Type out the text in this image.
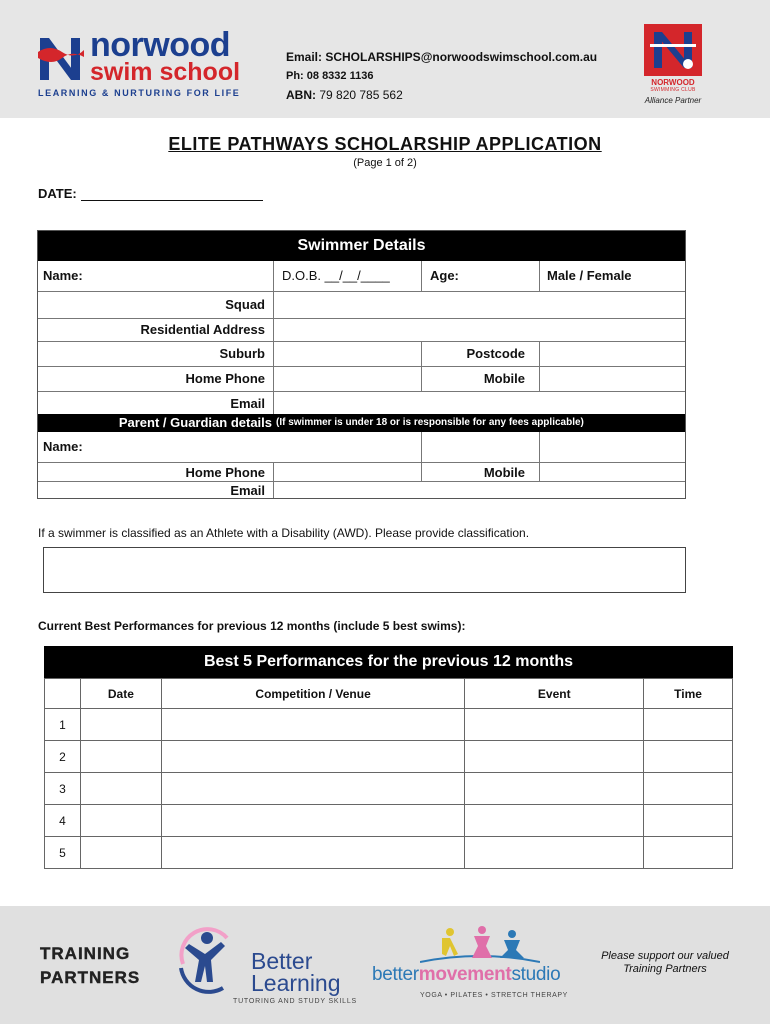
norwood
swim school
LEARNING & NURTURING FOR LIFE
Email: SCHOLARSHIPS@norwoodswimschool.com.au
Ph: 08 8332 1136
ABN: 79 820 785 562
NORWOOD
SWIMMING CLUB
Alliance Partner
ELITE PATHWAYS SCHOLARSHIP APPLICATION
(Page 1 of 2)
DATE:
Swimmer Details
Name:	D.O.B. __/__/____	Age:	Male / Female
Squad
Residential Address
Suburb	Postcode
Home Phone	Mobile
Email
Parent / Guardian details (If swimmer is under 18 or is responsible for any fees applicable)
Name:
Home Phone	Mobile
Email
If a swimmer is classified as an Athlete with a Disability (AWD). Please provide classification.
Current Best Performances for previous 12 months (include 5 best swims):
Best 5 Performances for the previous 12 months
	Date	Competition / Venue	Event	Time
1				
2				
3				
4				
5				
TRAINING
PARTNERS
Better
Learning
TUTORING AND STUDY SKILLS
bettermovementstudio
YOGA • PILATES • STRETCH THERAPY
Please support our valued Training Partners
